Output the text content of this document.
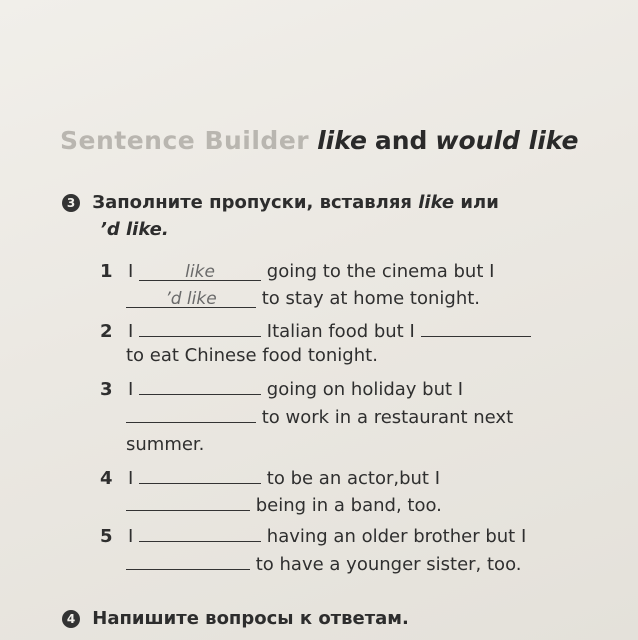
Sentence Builder like and would like
3 Заполните пропуски, вставляя like или
’d like.
1 I	like	going to the cinema but I
’d like	to stay at home tonight.
2 I	Italian food but I
to eat Chinese food tonight.
3 I	going on holiday but I
to work in a restaurant next
summer.
4 I	to be an actor,but I
being in a band, too.
5 I	having an older brother but I
to have a younger sister, too.
4 Напишите вопросы к ответам.
